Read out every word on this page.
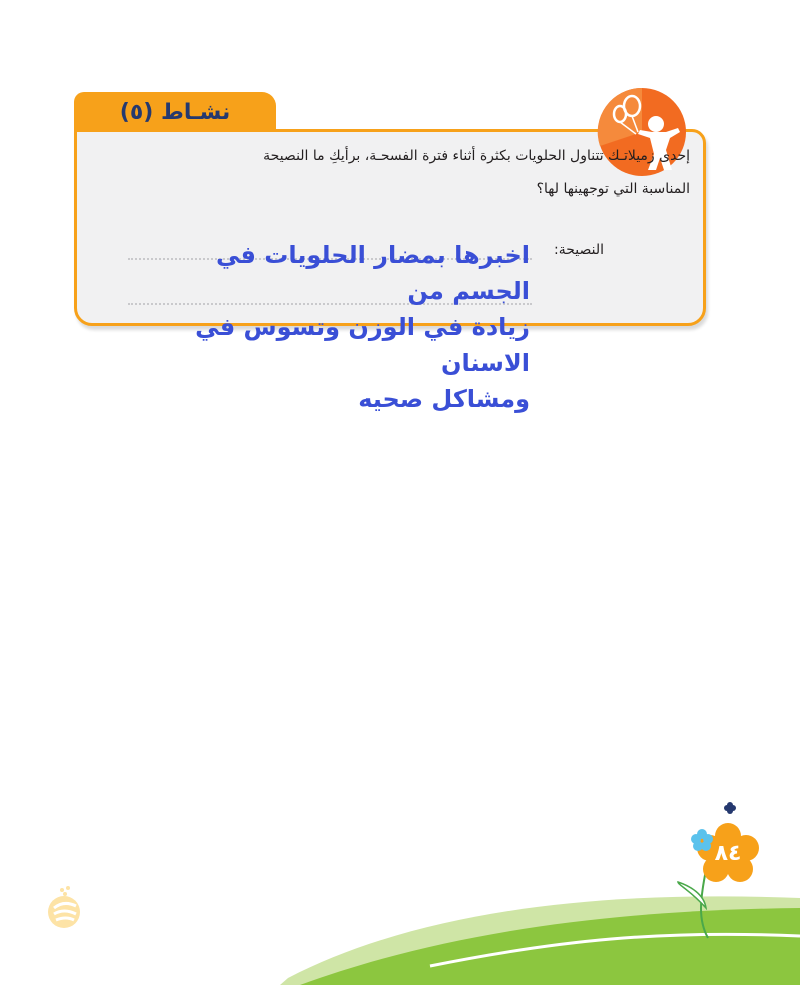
نشـاط (٥)
إحدى زميلاتـك تتناول الحلويات بكثرة أثناء فترة الفسحـة، برأيكِ ما النصيحة
المناسبة التي توجهينها لها؟
النصيحة:
اخبرها بمضار الحلويات في الجسم من
زيادة في الوزن وتسوس في الاسنان
ومشاكل صحيه
٨٤
